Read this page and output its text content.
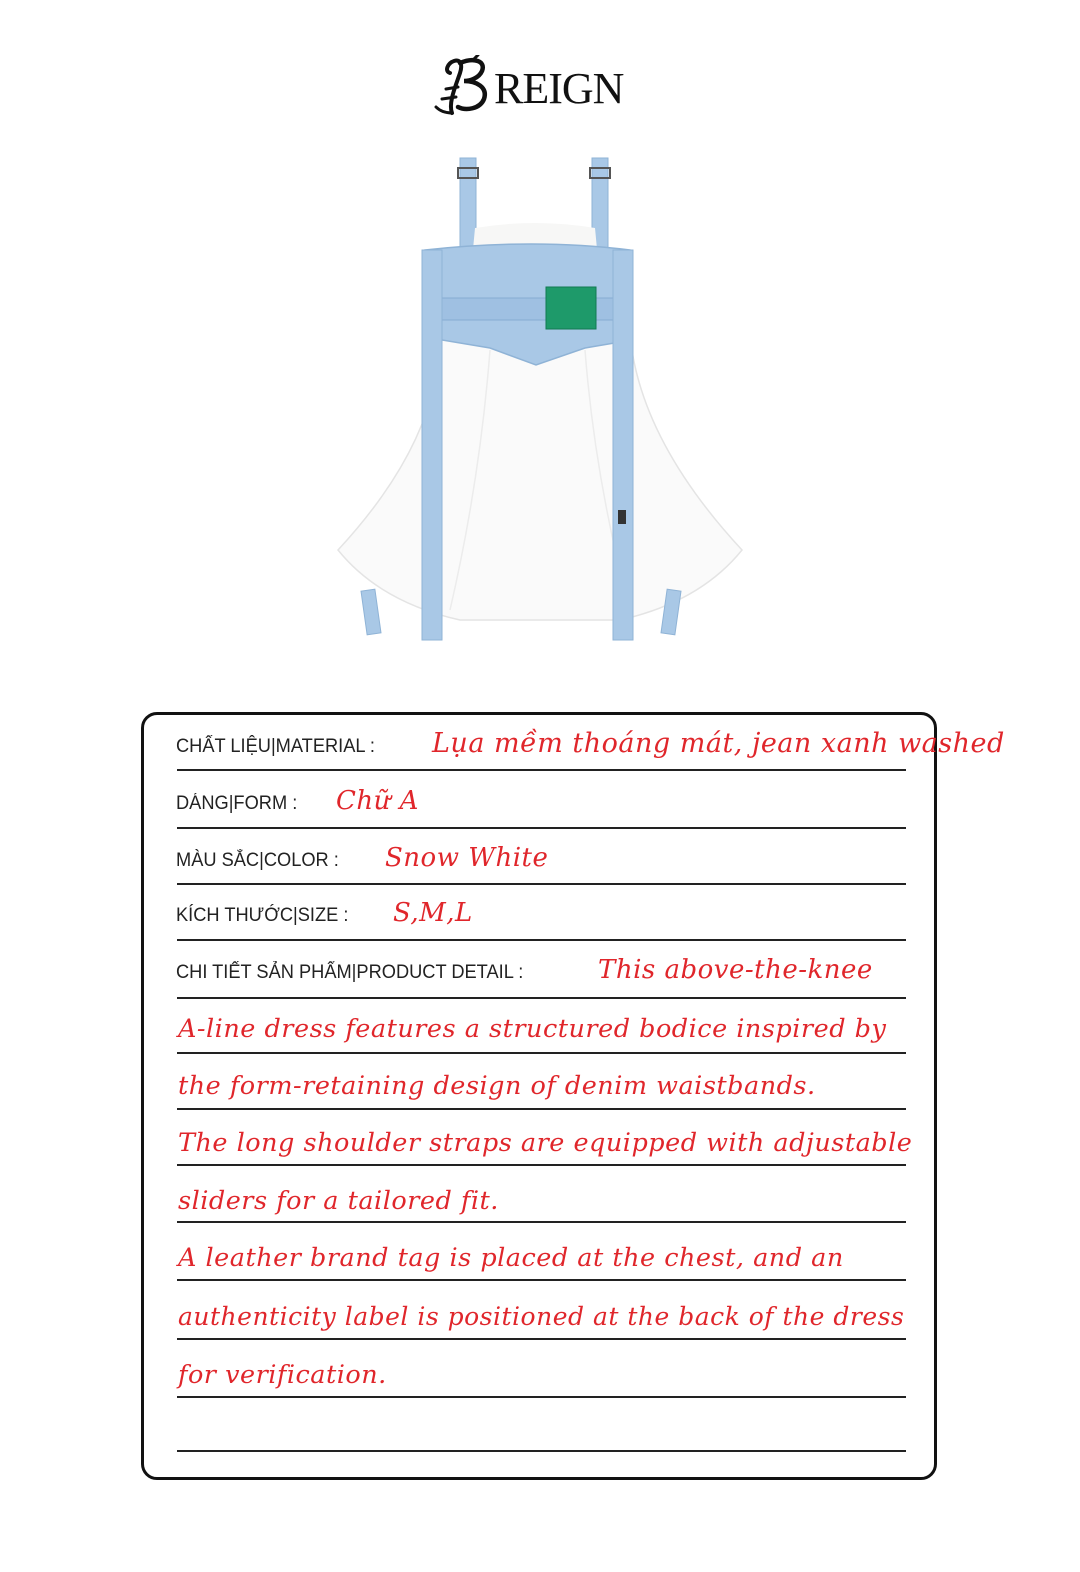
REIGN
CHẤT LIỆU|MATERIAL : Lụa mềm thoáng mát, jean xanh washed
DÁNG|FORM : Chữ A
MÀU SẮC|COLOR : Snow White
KÍCH THƯỚC|SIZE : S,M,L
CHI TIẾT SẢN PHẨM|PRODUCT DETAIL :	This above-the-knee
A-line dress features a structured bodice inspired by
the form-retaining design of denim waistbands.
The long shoulder straps are equipped with adjustable
sliders for a tailored fit.
A leather brand tag is placed at the chest, and an
authenticity label is positioned at the back of the dress
for verification.
